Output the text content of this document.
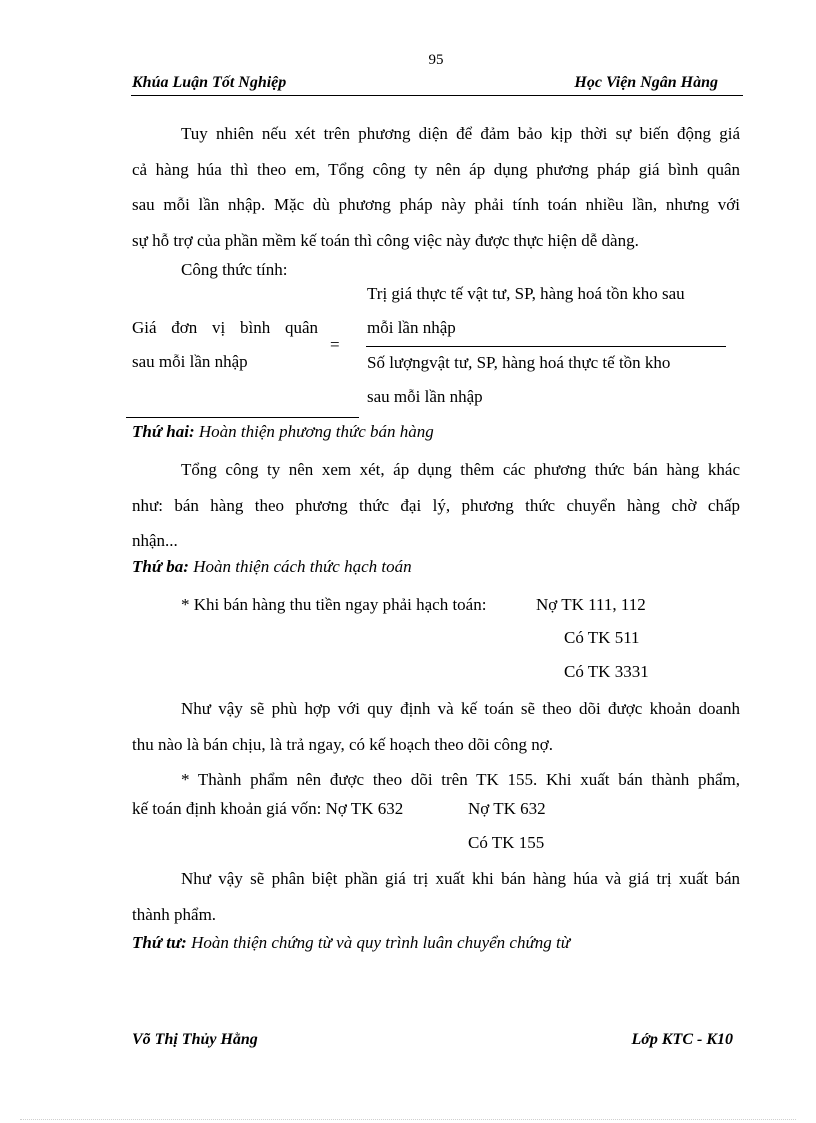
95
Khúa Luận Tốt Nghiệp	Học Viện Ngân Hàng
Tuy nhiên nếu xét trên phương diện để đảm bảo kịp thời sự biến động giá
cả hàng húa thì theo em, Tổng công ty nên áp dụng phương pháp giá bình quân
sau mỗi lần nhập. Mặc dù phương pháp này phải tính toán nhiều lần, nhưng với
sự hỗ trợ của phần mềm kế toán thì công việc này được thực hiện dễ dàng.
Công thức tính:
Trị giá thực tế vật tư, SP, hàng hoá tồn kho sau
mỗi lần nhập
Giá đơn vị bình quân
sau mỗi lần nhập
=
Số lượngvật tư, SP, hàng hoá thực tế tồn kho
sau mỗi lần nhập
Thứ hai: Hoàn thiện phương thức bán hàng
Tổng công ty nên xem xét, áp dụng thêm các phương thức bán hàng khác
như: bán hàng theo phương thức đại lý, phương thức chuyển hàng chờ chấp
nhận...
Thứ ba: Hoàn thiện cách thức hạch toán
* Khi bán hàng thu tiền ngay phải hạch toán:	Nợ TK 111, 112
Có TK 511
Có TK 3331
Như vậy sẽ phù hợp với quy định và kế toán sẽ theo dõi được khoản doanh
thu nào là bán chịu, là trả ngay, có kế hoạch theo dõi công nợ.
* Thành phẩm nên được theo dõi trên TK 155. Khi xuất bán thành phẩm,
kế toán định khoản giá vốn: Nợ TK 632	Nợ TK 632
Có TK 155
Như vậy sẽ phân biệt phần giá trị xuất khi bán hàng húa và giá trị xuất bán
thành phẩm.
Thứ tư: Hoàn thiện chứng từ và quy trình luân chuyển chứng từ
Võ Thị Thủy Hằng	Lớp KTC - K10
